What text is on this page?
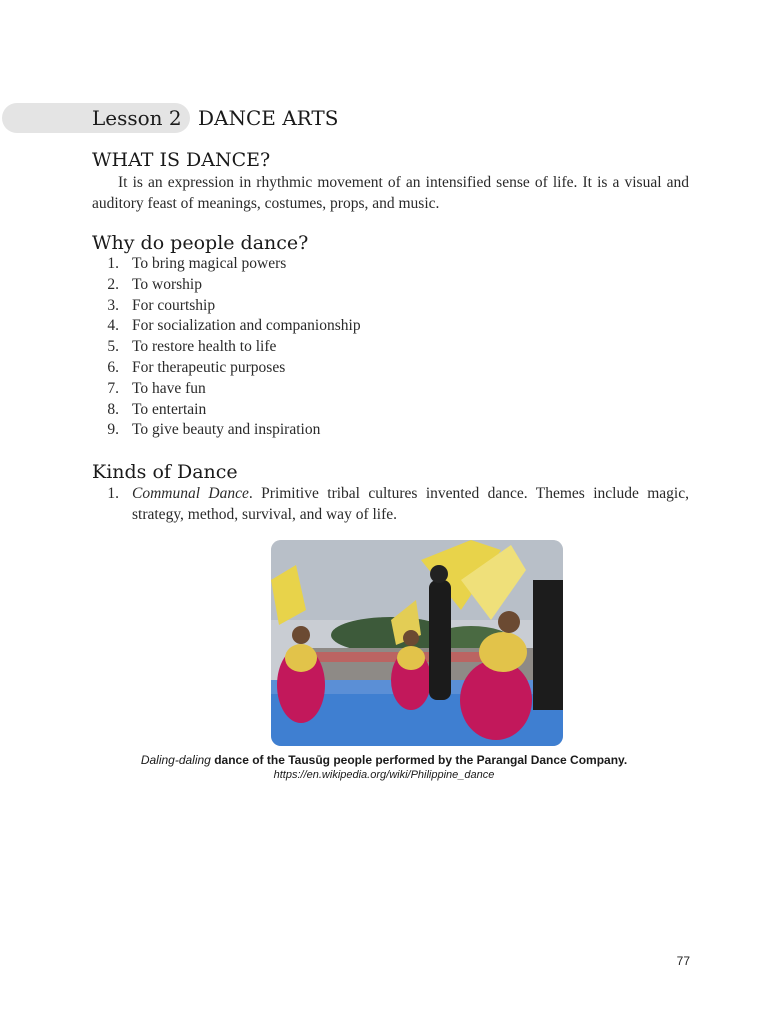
Lesson 2 DANCE ARTS
WHAT IS DANCE?

It is an expression in rhythmic movement of an intensified sense of life. It is a visual and auditory feast of meanings, costumes, props, and music.

Why do people dance?
1. To bring magical powers
2. To worship
3. For courtship
4. For socialization and companionship
5. To restore health to life
6. For therapeutic purposes
7. To have fun
8. To entertain
9. To give beauty and inspiration
Kinds of Dance
1. Communal Dance. Primitive tribal cultures invented dance. Themes include magic, strategy, method, survival, and way of life.
Daling-daling dance of the Tausūg people performed by the Parangal Dance Company.
https://en.wikipedia.org/wiki/Philippine_dance
77
